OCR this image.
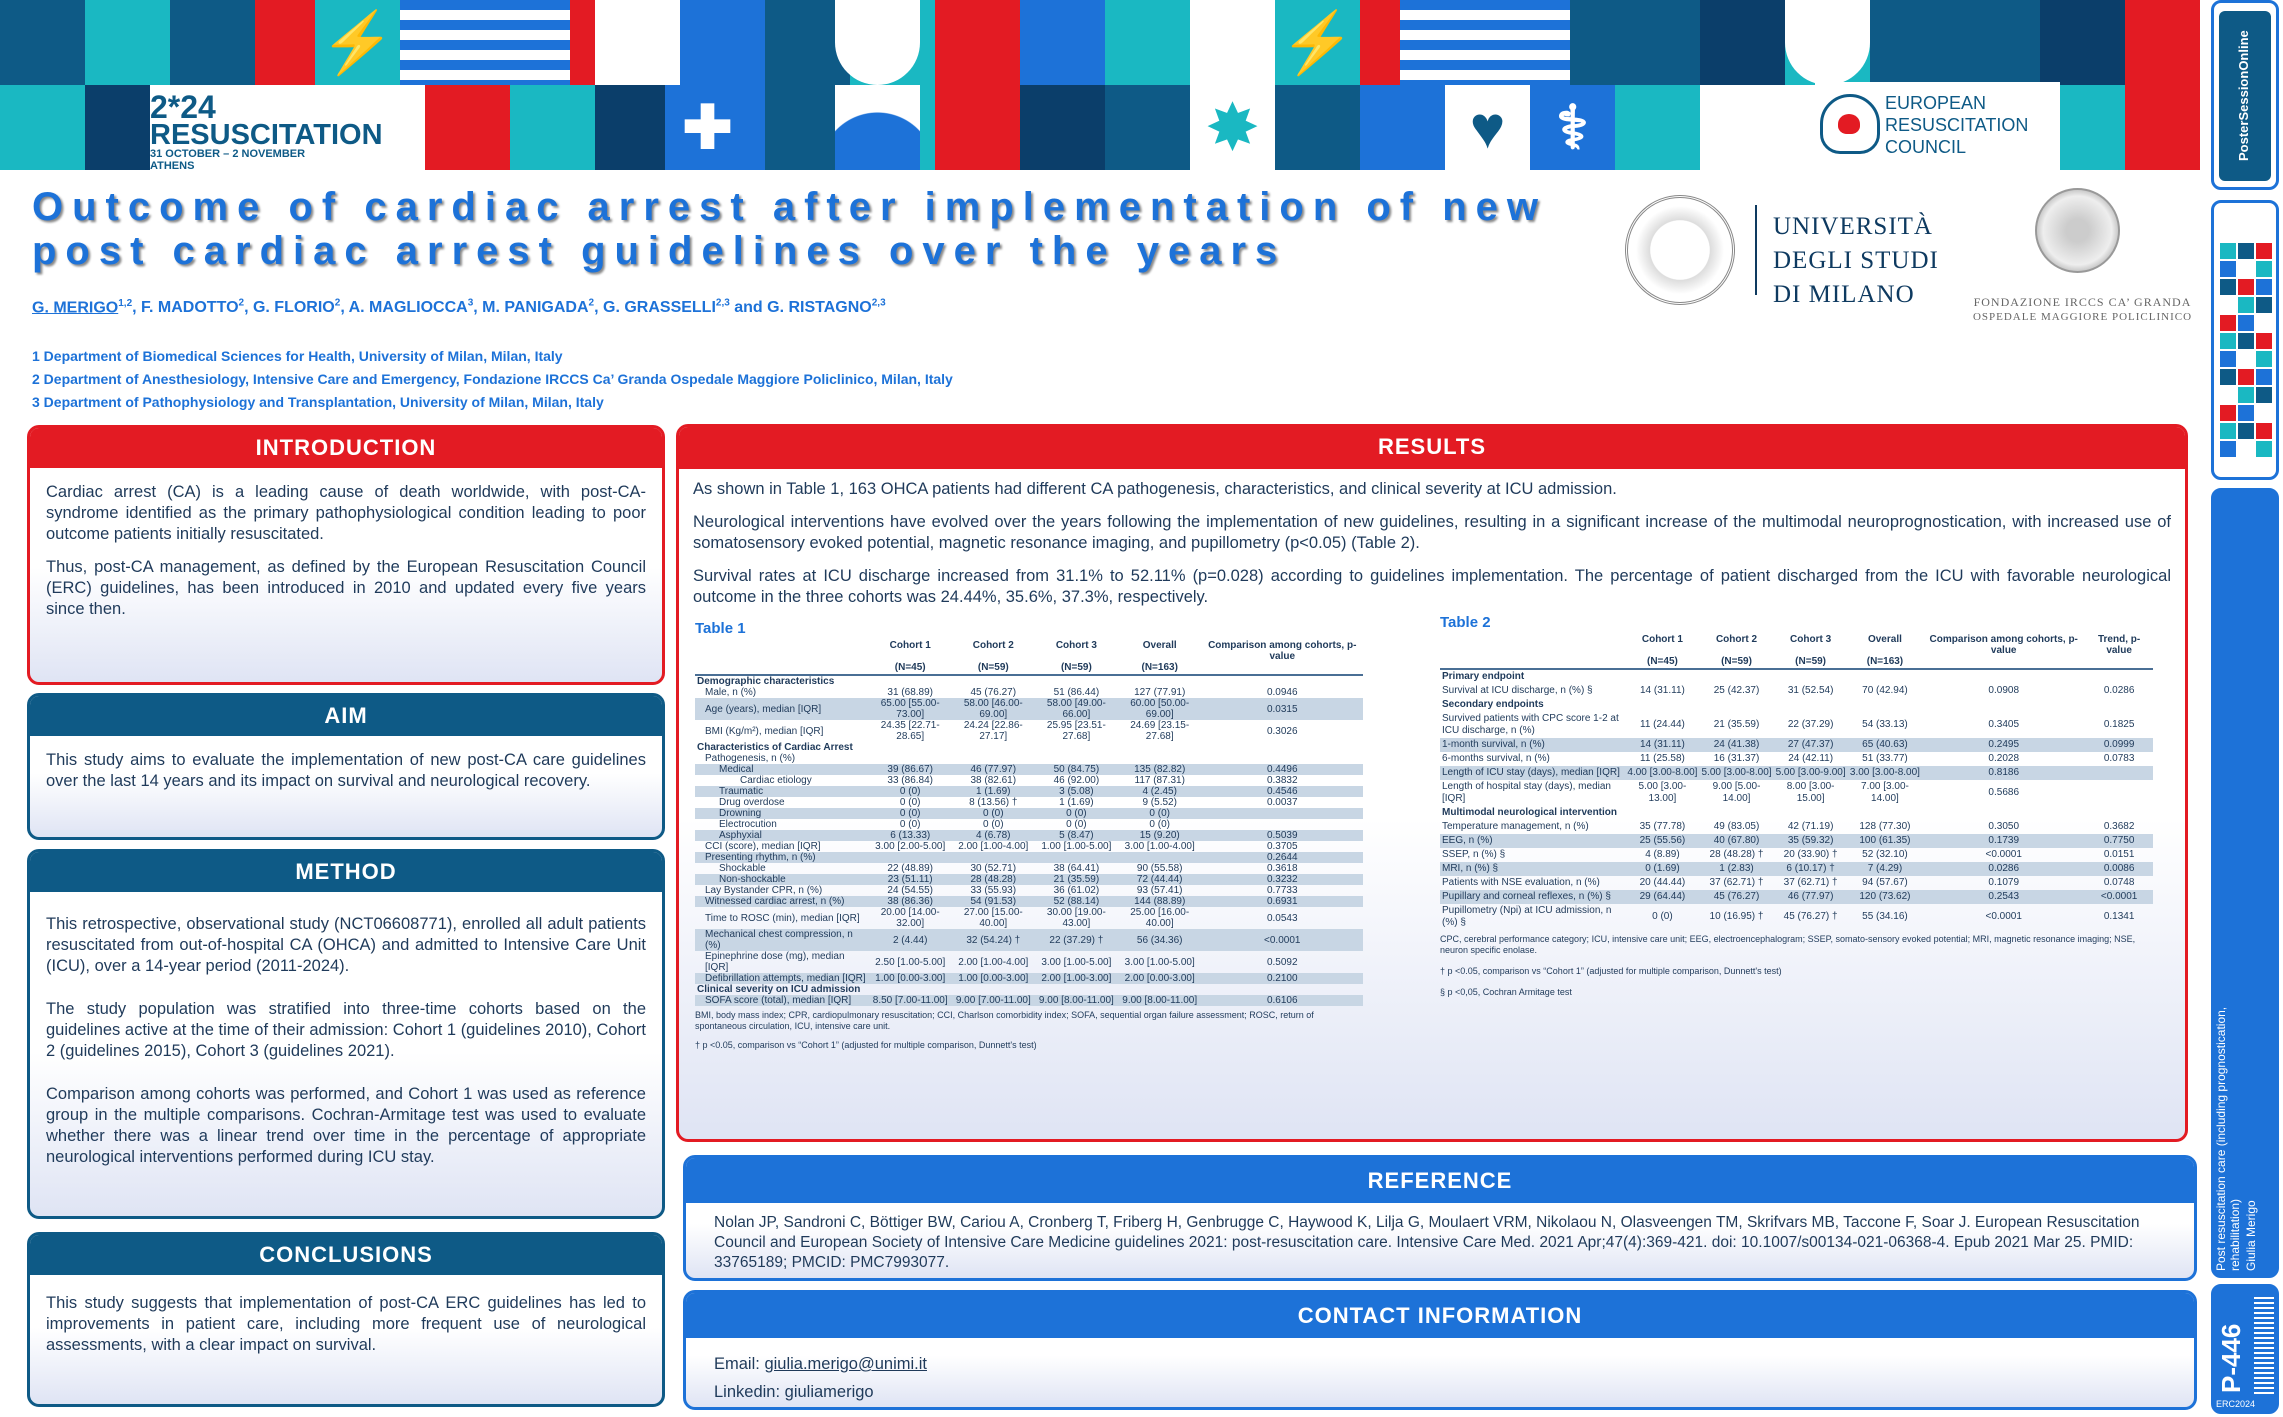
⚡	⚡
✚	✸	♥ ⚕
2*24
RESUSCITATION
31 OCTOBER – 2 NOVEMBER
ATHENS
EUROPEAN
RESUSCITATION
COUNCIL	PosterSessionOnline
Post resuscitation care (including prognostication, rehabilitation) Giulia Merigo
P-446
ERC2024
Outcome of cardiac arrest after implementation of new post cardiac arrest guidelines over the years
G. MERIGO$^{1,2}$, F. MADOTTO$^2$, G. FLORIO$^2$, A. MAGLIOCCA$^3$, M. PANIGADA$^2$, G. GRASSELLI$^{2,3}$ and G. RISTAGNO$^{2,3}$
1 Department of Biomedical Sciences for Health, University of Milan, Milan, Italy
2 Department of Anesthesiology, Intensive Care and Emergency, Fondazione IRCCS Ca’ Granda Ospedale Maggiore Policlinico, Milan, Italy
3 Department of Pathophysiology and Transplantation, University of Milan, Milan, Italy
UNIVERSITÀ
DEGLI STUDI
DI MILANO	FONDAZIONE IRCCS CA’ GRANDA
OSPEDALE MAGGIORE POLICLINICO
INTRODUCTION

Cardiac arrest (CA) is a leading cause of death worldwide, with post-CA-syndrome identified as the primary pathophysiological condition leading to poor outcome patients initially resuscitated.

Thus, post-CA management, as defined by the European Resuscitation Council (ERC) guidelines, has been introduced in 2010 and updated every five years since then.

AIM

This study aims to evaluate the implementation of new post-CA care guidelines over the last 14 years and its impact on survival and neurological recovery.

METHOD

This retrospective, observational study (NCT06608771), enrolled all adult patients resuscitated from out-of-hospital CA (OHCA) and admitted to Intensive Care Unit (ICU), over a 14-year period (2011-2024).

The study population was stratified into three-time cohorts based on the guidelines active at the time of their admission: Cohort 1 (guidelines 2010), Cohort 2 (guidelines 2015), Cohort 3 (guidelines 2021).

Comparison among cohorts was performed, and Cohort 1 was used as reference group in the multiple comparisons. Cochran-Armitage test was used to evaluate whether there was a linear trend over time in the percentage of appropriate neurological interventions performed during ICU stay.

CONCLUSIONS

This study suggests that implementation of post-CA ERC guidelines has led to improvements in patient care, including more frequent use of neurological assessments, with a clear impact on survival.

RESULTS

As shown in Table 1, 163 OHCA patients had different CA pathogenesis, characteristics, and clinical severity at ICU admission.

Neurological interventions have evolved over the years following the implementation of new guidelines, resulting in a significant increase of the multimodal neuroprognostication, with increased use of somatosensory evoked potential, magnetic resonance imaging, and pupillometry (p<0.05) (Table 2).

Survival rates at ICU discharge increased from 31.1% to 52.11% (p=0.028) according to guidelines implementation. The percentage of patient discharged from the ICU with favorable neurological outcome in the three cohorts was 24.44%, 35.6%, 37.3%, respectively.

Table 1
	Cohort 1

(N=45)	Cohort 2

(N=59)	Cohort 3

(N=59)	Overall

(N=163)	Comparison among cohorts, p-value
Demographic characteristics					
Male, n (%)	31 (68.89)	45 (76.27)	51 (86.44)	127 (77.91)	0.0946
Age (years), median [IQR]	65.00 [55.00-73.00]	58.00 [46.00-69.00]	58.00 [49.00-66.00]	60.00 [50.00-69.00]	0.0315
BMI (Kg/m²), median [IQR]	24.35 [22.71-28.65]	24.24 [22.86-27.17]	25.95 [23.51-27.68]	24.69 [23.15-27.68]	0.3026
Characteristics of Cardiac Arrest					
Pathogenesis, n (%)					
Medical	39 (86.67)	46 (77.97)	50 (84.75)	135 (82.82)	0.4496
Cardiac etiology	33 (86.84)	38 (82.61)	46 (92.00)	117 (87.31)	0.3832
Traumatic	0 (0)	1 (1.69)	3 (5.08)	4 (2.45)	0.4546
Drug overdose	0 (0)	8 (13.56) †	1 (1.69)	9 (5.52)	0.0037
Drowning	0 (0)	0 (0)	0 (0)	0 (0)	
Electrocution	0 (0)	0 (0)	0 (0)	0 (0)	
Asphyxial	6 (13.33)	4 (6.78)	5 (8.47)	15 (9.20)	0.5039
CCI (score), median [IQR]	3.00 [2.00-5.00]	2.00 [1.00-4.00]	1.00 [1.00-5.00]	3.00 [1.00-4.00]	0.3705
Presenting rhythm, n (%)					0.2644
Shockable	22 (48.89)	30 (52.71)	38 (64.41)	90 (55.58)	0.3618
Non-shockable	23 (51.11)	28 (48.28)	21 (35.59)	72 (44.44)	0.3232
Lay Bystander CPR, n (%)	24 (54.55)	33 (55.93)	36 (61.02)	93 (57.41)	0.7733
Witnessed cardiac arrest, n (%)	38 (86.36)	54 (91.53)	52 (88.14)	144 (88.89)	0.6931
Time to ROSC (min), median [IQR]	20.00 [14.00-32.00]	27.00 [15.00-40.00]	30.00 [19.00-43.00]	25.00 [16.00-40.00]	0.0543
Mechanical chest compression, n (%)	2 (4.44)	32 (54.24) †	22 (37.29) †	56 (34.36)	<0.0001
Epinephrine dose (mg), median [IQR]	2.50 [1.00-5.00]	2.00 [1.00-4.00]	3.00 [1.00-5.00]	3.00 [1.00-5.00]	0.5092
Defibrillation attempts, median [IQR]	1.00 [0.00-3.00]	1.00 [0.00-3.00]	2.00 [1.00-3.00]	2.00 [0.00-3.00]	0.2100
Clinical severity on ICU admission					
SOFA score (total), median [IQR]	8.50 [7.00-11.00]	9.00 [7.00-11.00]	9.00 [8.00-11.00]	9.00 [8.00-11.00]	0.6106
BMI, body mass index; CPR, cardiopulmonary resuscitation; CCI, Charlson comorbidity index; SOFA, sequential organ failure assessment; ROSC, return of spontaneous circulation, ICU, intensive care unit.
† p <0.05, comparison vs “Cohort 1” (adjusted for multiple comparison, Dunnett's test)
Table 2
	Cohort 1

(N=45)	Cohort 2

(N=59)	Cohort 3

(N=59)	Overall

(N=163)	Comparison among cohorts, p-value	Trend, p-value
Primary endpoint						
Survival at ICU discharge, n (%) §	14 (31.11)	25 (42.37)	31 (52.54)	70 (42.94)	0.0908	0.0286
Secondary endpoints						
Survived patients with CPC score 1-2 at ICU discharge, n (%)	11 (24.44)	21 (35.59)	22 (37.29)	54 (33.13)	0.3405	0.1825
1-month survival, n (%)	14 (31.11)	24 (41.38)	27 (47.37)	65 (40.63)	0.2495	0.0999
6-months survival, n (%)	11 (25.58)	16 (31.37)	24 (42.11)	51 (33.77)	0.2028	0.0783
Length of ICU stay (days), median [IQR]	4.00 [3.00-8.00]	5.00 [3.00-8.00]	5.00 [3.00-9.00]	3.00 [3.00-8.00]	0.8186	
Length of hospital stay (days), median [IQR]	5.00 [3.00-13.00]	9.00 [5.00-14.00]	8.00 [3.00-15.00]	7.00 [3.00-14.00]	0.5686	
Multimodal neurological intervention						
Temperature management, n (%)	35 (77.78)	49 (83.05)	42 (71.19)	128 (77.30)	0.3050	0.3682
EEG, n (%)	25 (55.56)	40 (67.80)	35 (59.32)	100 (61.35)	0.1739	0.7750
SSEP, n (%) §	4 (8.89)	28 (48.28) †	20 (33.90) †	52 (32.10)	<0.0001	0.0151
MRI, n (%) §	0 (1.69)	1 (2.83)	6 (10.17) †	7 (4.29)	0.0286	0.0086
Patients with NSE evaluation, n (%)	20 (44.44)	37 (62.71) †	37 (62.71) †	94 (57.67)	0.1079	0.0748
Pupillary and corneal reflexes, n (%) §	29 (64.44)	45 (76.27)	46 (77.97)	120 (73.62)	0.2543	<0.0001
Pupillometry (Npi) at ICU admission, n (%) §	0 (0)	10 (16.95) †	45 (76.27) †	55 (34.16)	<0.0001	0.1341
CPC, cerebral performance category; ICU, intensive care unit; EEG, electroencephalogram; SSEP, somato-sensory evoked potential; MRI, magnetic resonance imaging; NSE, neuron specific enolase.
† p <0.05, comparison vs “Cohort 1” (adjusted for multiple comparison, Dunnett's test)
§ p <0,05, Cochran Armitage test
REFERENCE

Nolan JP, Sandroni C, Böttiger BW, Cariou A, Cronberg T, Friberg H, Genbrugge C, Haywood K, Lilja G, Moulaert VRM, Nikolaou N, Olasveengen TM, Skrifvars MB, Taccone F, Soar J. European Resuscitation Council and European Society of Intensive Care Medicine guidelines 2021: post-resuscitation care. Intensive Care Med. 2021 Apr;47(4):369-421. doi: 10.1007/s00134-021-06368-4. Epub 2021 Mar 25. PMID: 33765189; PMCID: PMC7993077.

CONTACT INFORMATION
Email: giulia.merigo@unimi.it
Linkedin: giuliamerigo
